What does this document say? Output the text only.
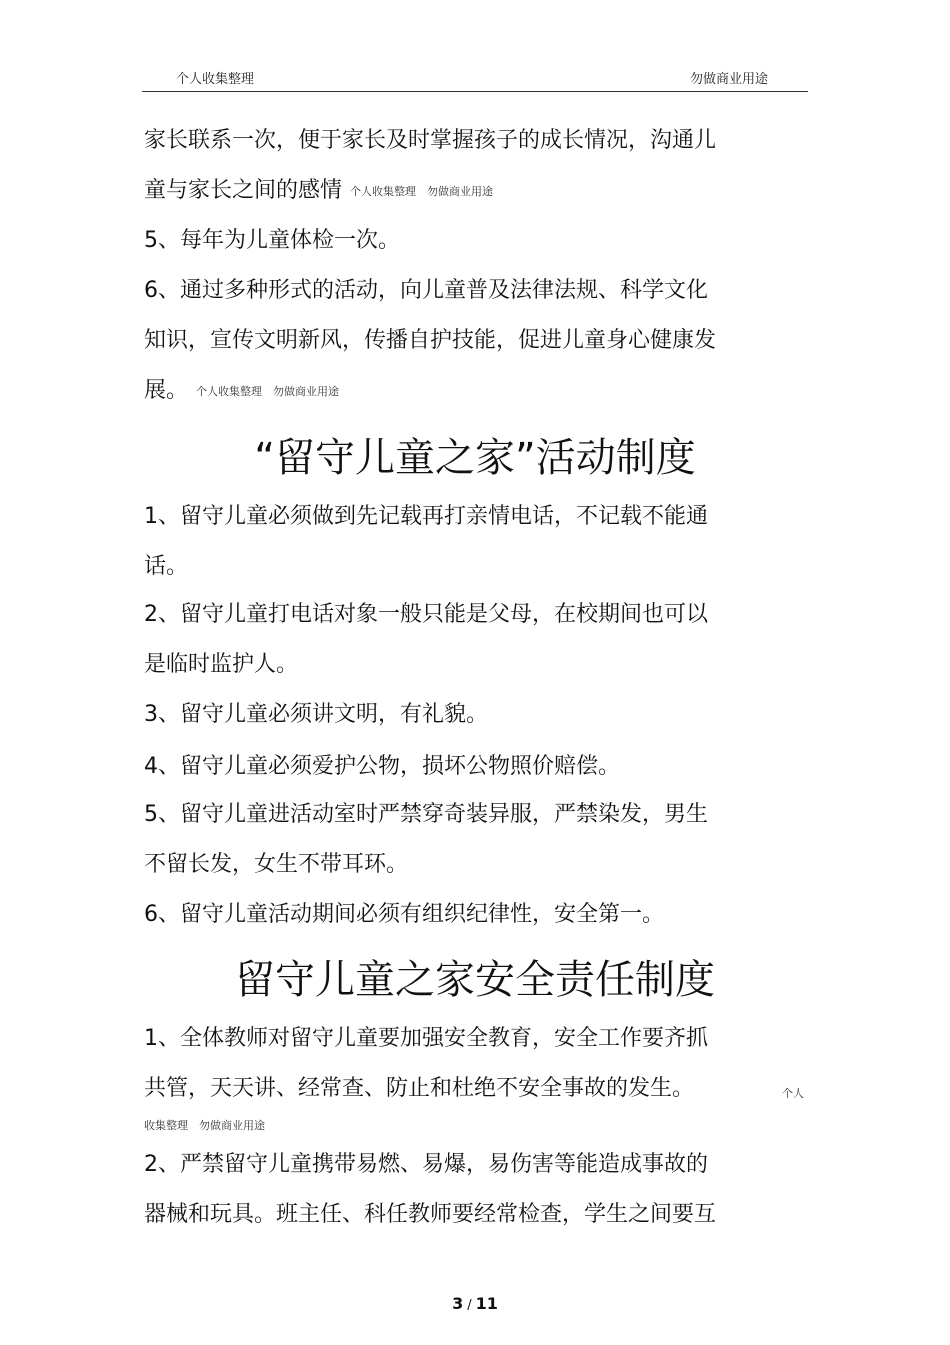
个人收集整理	勿做商业用途
家长联系一次，便于家长及时掌握孩子的成长情况，沟通儿
童与家长之间的感情 个人收集整理　勿做商业用途
5、每年为儿童体检一次。
6、通过多种形式的活动，向儿童普及法律法规、科学文化
知识，宣传文明新风，传播自护技能，促进儿童身心健康发
展。 个人收集整理　勿做商业用途
“留守儿童之家”活动制度
1、留守儿童必须做到先记载再打亲情电话，不记载不能通
话。
2、留守儿童打电话对象一般只能是父母，在校期间也可以
是临时监护人。
3、留守儿童必须讲文明，有礼貌。
4、留守儿童必须爱护公物，损坏公物照价赔偿。
5、留守儿童进活动室时严禁穿奇装异服，严禁染发，男生
不留长发，女生不带耳环。
6、留守儿童活动期间必须有组织纪律性，安全第一。
留守儿童之家安全责任制度
1、全体教师对留守儿童要加强安全教育，安全工作要齐抓
共管，天天讲、经常查、防止和杜绝不安全事故的发生。	个人
收集整理　勿做商业用途
2、严禁留守儿童携带易燃、易爆，易伤害等能造成事故的
器械和玩具。班主任、科任教师要经常检查，学生之间要互
3 / 11
